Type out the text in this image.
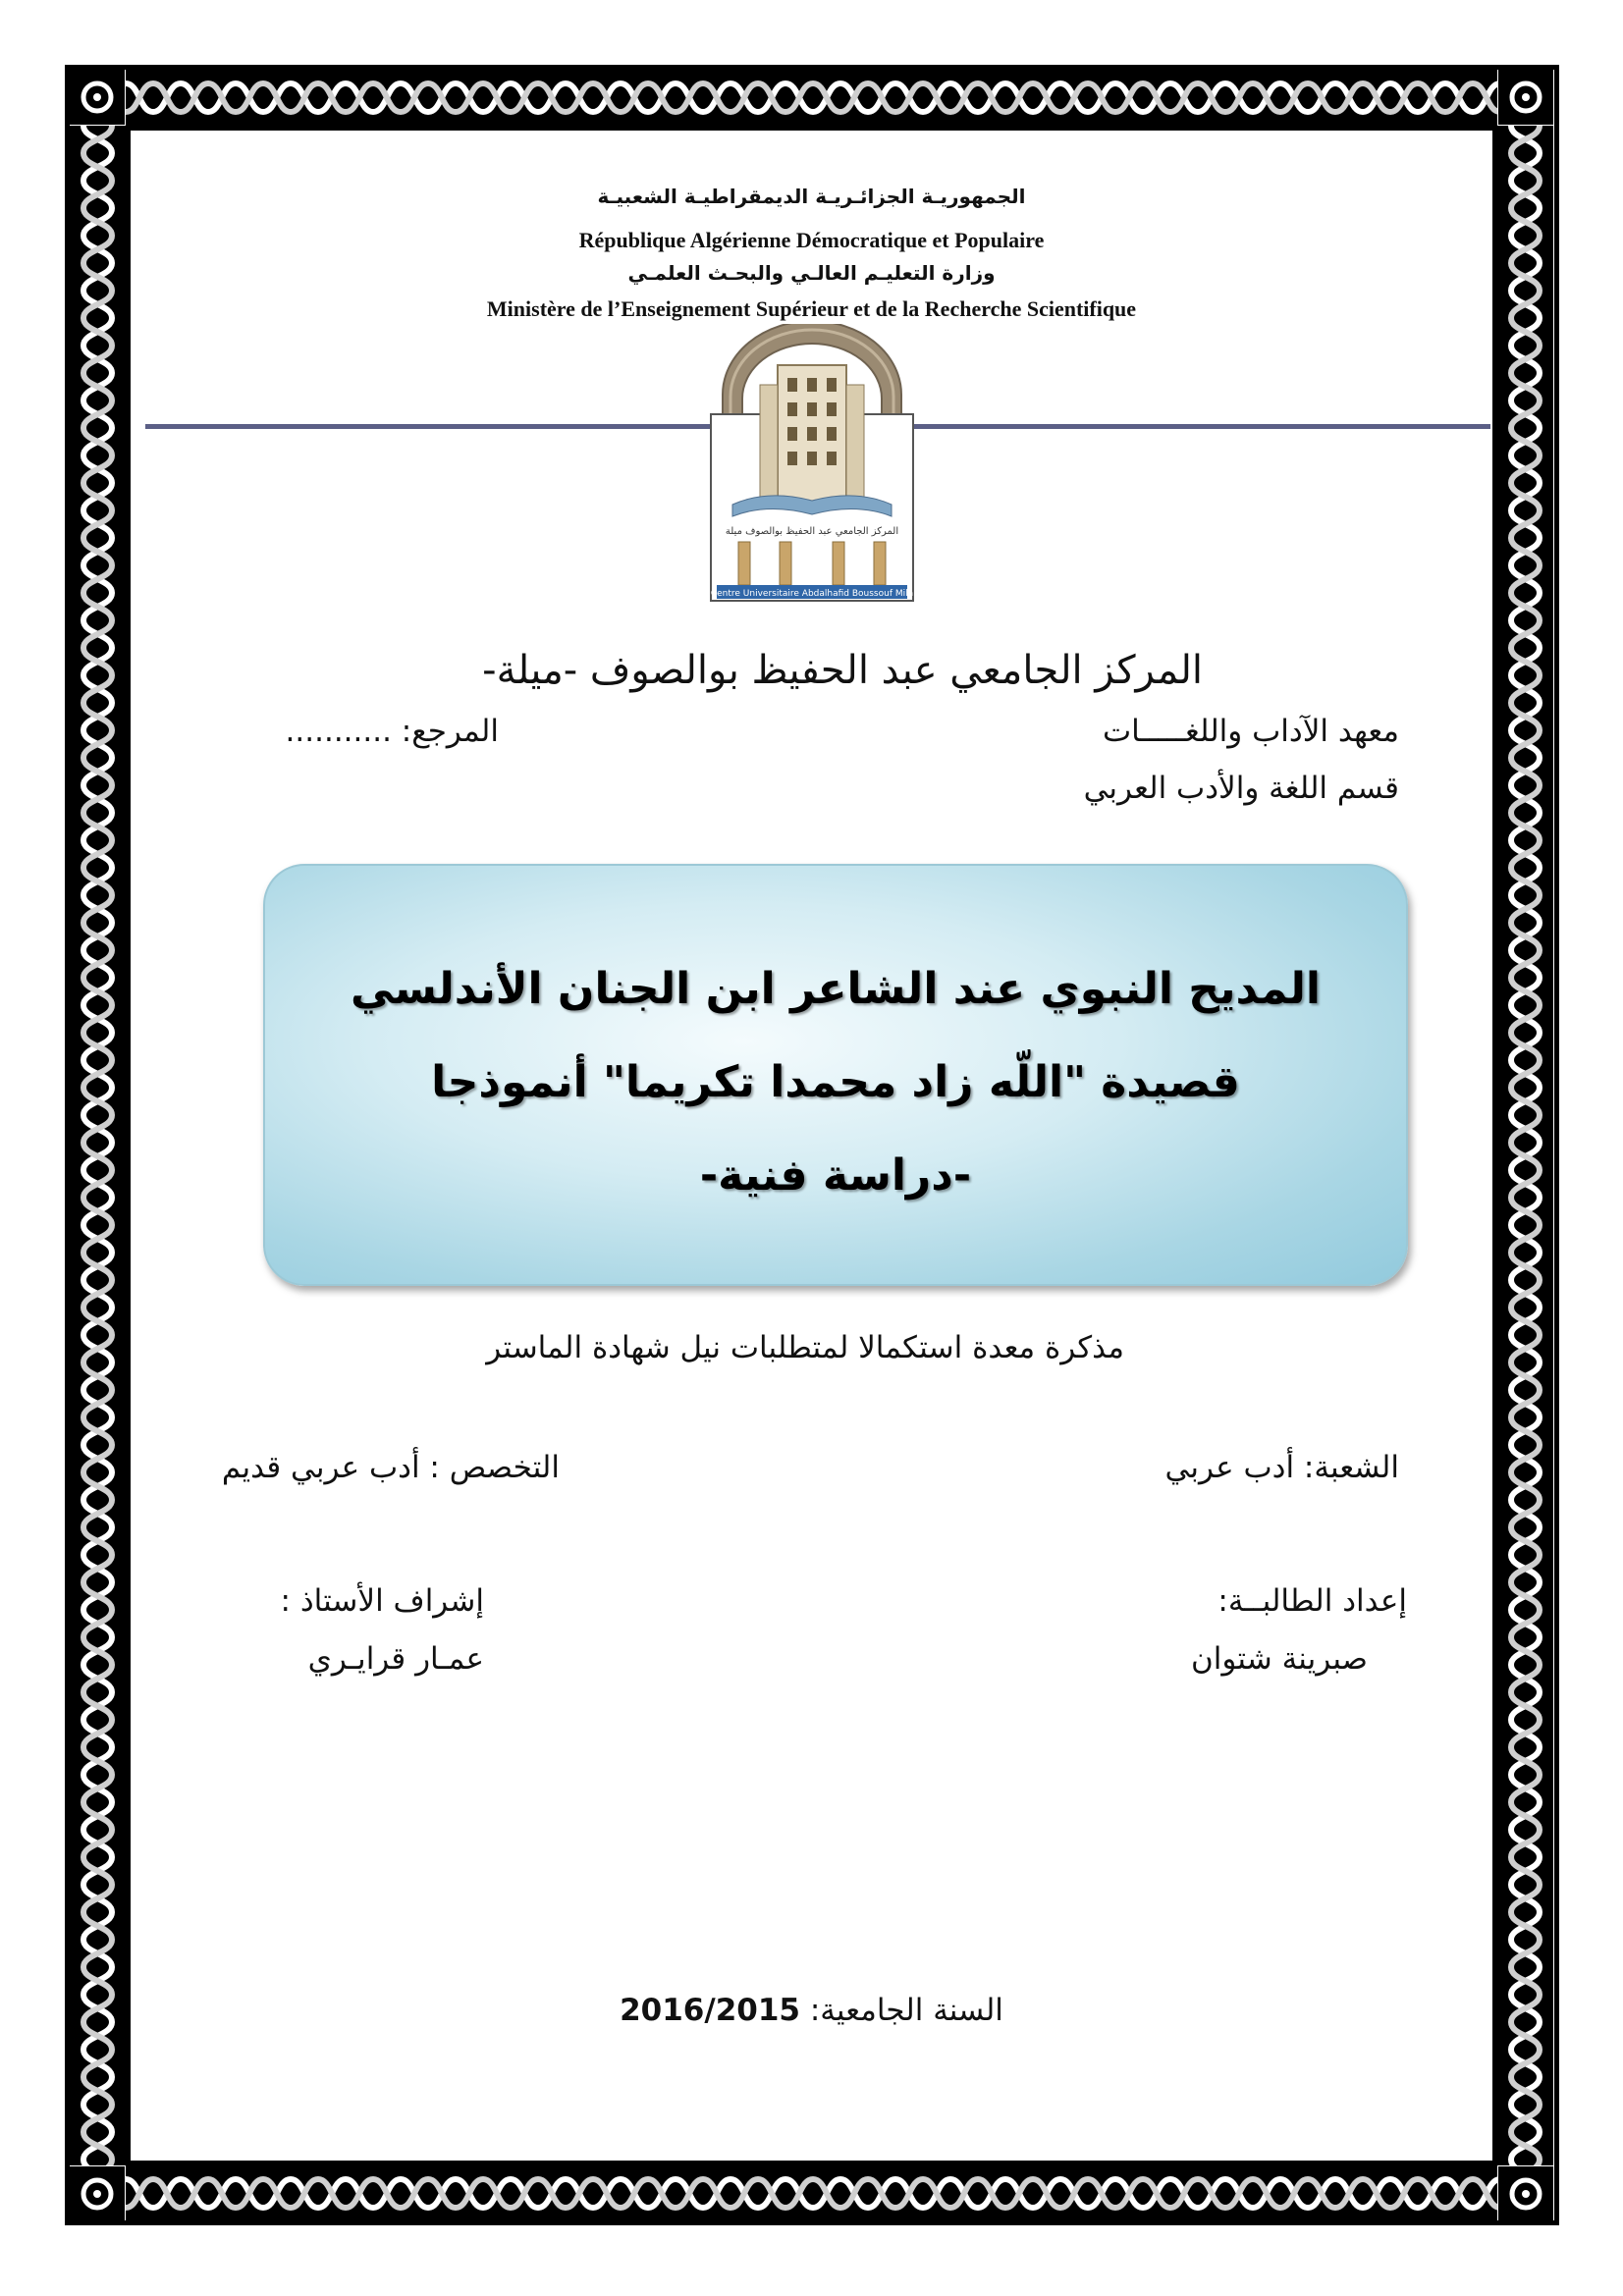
الجمهوريـة الجزائـريـة الديمقراطيـة الشعبيـة
République Algérienne Démocratique et Populaire
وزارة التعليـم العالـي والبحـث العلمـي
Ministère de l’Enseignement Supérieur et de la Recherche Scientifique
المركز الجامعي عبد الحفيظ بوالصوف ميلة
Centre Universitaire Abdalhafid Boussouf Mila
المركز الجامعي عبد الحفيظ بوالصوف -ميلة-
معهد الآداب واللغـــــات
المرجع: ...........
قسم اللغة والأدب العربي
المديح النبوي عند الشاعر ابن الجنان الأندلسي
قصيدة "اللّه زاد محمدا تكريما" أنموذجا
-دراسة فنية-
مذكرة معدة استكمالا لمتطلبات نيل شهادة الماستر
الشعبة: أدب عربي
التخصص : أدب عربي قديم
إعداد الطالبــة:
إشراف الأستاذ :
صبرينة شتوان
عمـار قرايـري
السنة الجامعية: 2016/2015
